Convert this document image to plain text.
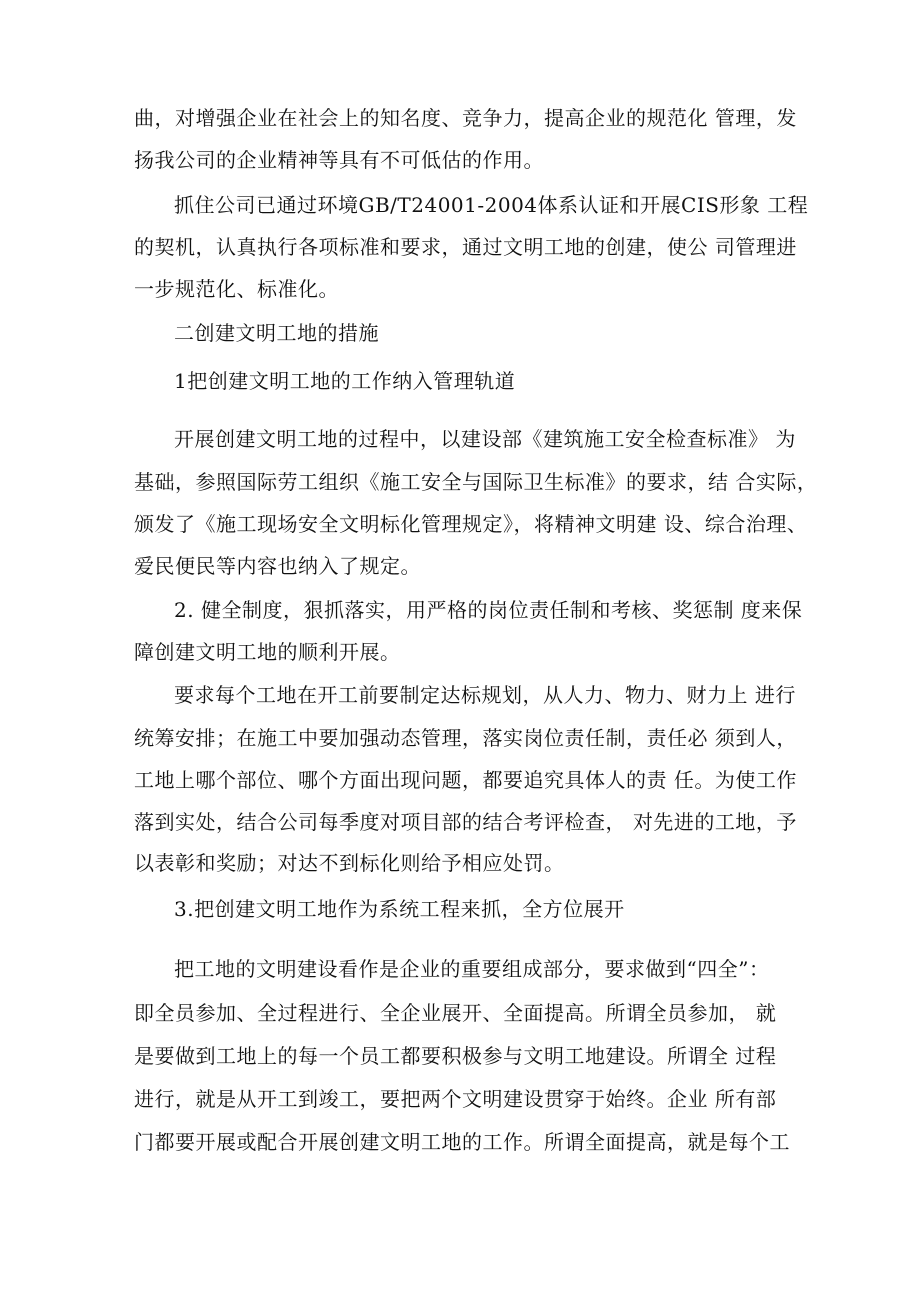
曲，对增强企业在社会上的知名度、竞争力，提高企业的规范化 管理，发
扬我公司的企业精神等具有不可低估的作用。
抓住公司已通过环境GB/T24001-2004体系认证和开展CIS形象 工程
的契机，认真执行各项标准和要求，通过文明工地的创建，使公 司管理进
一步规范化、标准化。
二创建文明工地的措施
1把创建文明工地的工作纳入管理轨道
开展创建文明工地的过程中，以建设部《建筑施工安全检查标准》 为
基础，参照国际劳工组织《施工安全与国际卫生标准》的要求，结 合实际，
颁发了《施工现场安全文明标化管理规定》，将精神文明建 设、综合治理、
爱民便民等内容也纳入了规定。
2. 健全制度，狠抓落实，用严格的岗位责任制和考核、奖惩制 度来保
障创建文明工地的顺利开展。
要求每个工地在开工前要制定达标规划，从人力、物力、财力上 进行
统筹安排；在施工中要加强动态管理，落实岗位责任制，责任必 须到人，
工地上哪个部位、哪个方面出现问题，都要追究具体人的责 任。为使工作
落到实处，结合公司每季度对项目部的结合考评检查， 对先进的工地，予
以表彰和奖励；对达不到标化则给予相应处罚。
3.把创建文明工地作为系统工程来抓，全方位展开
把工地的文明建设看作是企业的重要组成部分，要求做到“四全”：
即全员参加、全过程进行、全企业展开、全面提高。所谓全员参加， 就
是要做到工地上的每一个员工都要积极参与文明工地建设。所谓全 过程
进行，就是从开工到竣工，要把两个文明建设贯穿于始终。企业 所有部
门都要开展或配合开展创建文明工地的工作。所谓全面提高，就是每个工
